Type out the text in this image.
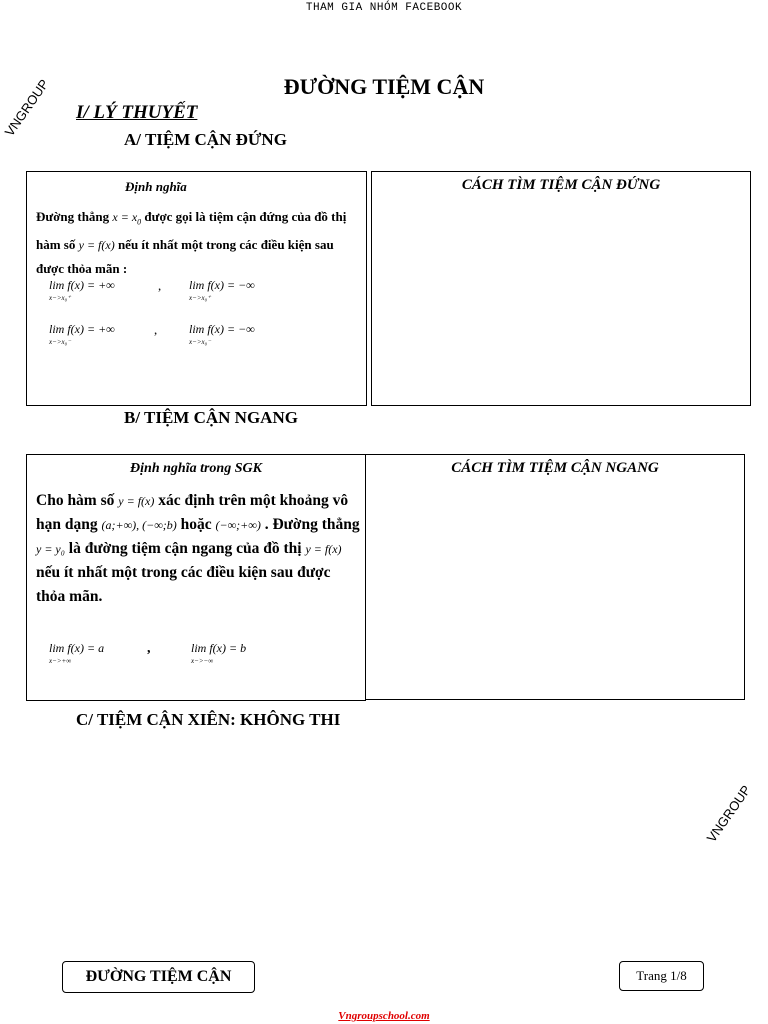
THAM GIA NHÓM FACEBOOK
VNGROUP
VNGROUP
ĐƯỜNG TIỆM CẬN
I/ LÝ THUYẾT
A/ TIỆM CẬN ĐỨNG
Định nghĩa
Đường thẳng $x = x_0$ được gọi là tiệm cận đứng của đồ thị hàm số y = f(x) nếu ít nhất một trong các điều kiện sau được thỏa mãn :
lim f(x) = +∞
x−>x₀⁺
, lim f(x) = −∞
x−>x₀⁺
lim f(x) = +∞
x−>x₀⁻
,	lim f(x) = −∞
x−>x₀⁻
CÁCH TÌM TIỆM CẬN ĐỨNG
B/ TIỆM CẬN NGANG
Định nghĩa trong SGK
Cho hàm số y = f(x) xác định trên một khoảng vô hạn dạng (a;+∞), (−∞;b) hoặc (−∞;+∞) . Đường thẳng y = y₀ là đường tiệm cận ngang của đồ thị y = f(x) nếu ít nhất một trong các điều kiện sau được thỏa mãn.
lim f(x) = a
x−>+∞
,	lim f(x) = b
x−>−∞
CÁCH TÌM TIỆM CẬN NGANG
C/ TIỆM CẬN XIÊN: KHÔNG THI
ĐƯỜNG TIỆM CẬN	Trang 1/8
Vngroupschool.com
